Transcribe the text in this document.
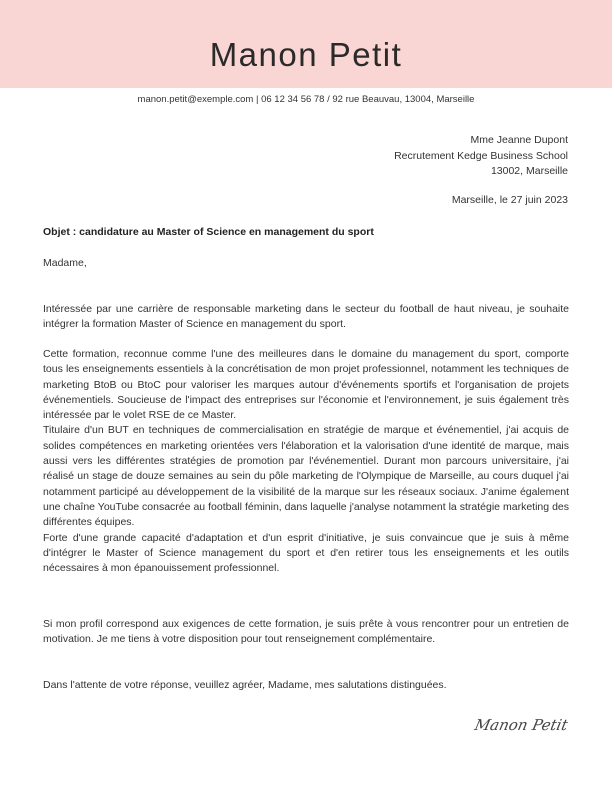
Manon Petit
manon.petit@exemple.com | 06 12 34 56 78 / 92 rue Beauvau, 13004, Marseille
Mme Jeanne Dupont
Recrutement Kedge Business School
13002, Marseille
Marseille, le 27 juin 2023
Objet : candidature au Master of Science en management du sport
Madame,

Intéressée par une carrière de responsable marketing dans le secteur du football de haut niveau, je souhaite intégrer la formation Master of Science en management du sport.

Cette formation, reconnue comme l'une des meilleures dans le domaine du management du sport, comporte tous les enseignements essentiels à la concrétisation de mon projet professionnel, notamment les techniques de marketing BtoB ou BtoC pour valoriser les marques autour d'événements sportifs et l'organisation de projets événementiels. Soucieuse de l'impact des entreprises sur l'économie et l'environnement, je suis également très intéressée par le volet RSE de ce Master.
Titulaire d'un BUT en techniques de commercialisation en stratégie de marque et événementiel, j'ai acquis de solides compétences en marketing orientées vers l'élaboration et la valorisation d'une identité de marque, mais aussi vers les différentes stratégies de promotion par l'événementiel. Durant mon parcours universitaire, j'ai réalisé un stage de douze semaines au sein du pôle marketing de l'Olympique de Marseille, au cours duquel j'ai notamment participé au développement de la visibilité de la marque sur les réseaux sociaux. J'anime également une chaîne YouTube consacrée au football féminin, dans laquelle j'analyse notamment la stratégie marketing des différentes équipes.
Forte d'une grande capacité d'adaptation et d'un esprit d'initiative, je suis convaincue que je suis à même d'intégrer le Master of Science management du sport et d'en retirer tous les enseignements et les outils nécessaires à mon épanouissement professionnel.

Si mon profil correspond aux exigences de cette formation, je suis prête à vous rencontrer pour un entretien de motivation. Je me tiens à votre disposition pour tout renseignement complémentaire.

Dans l'attente de votre réponse, veuillez agréer, Madame, mes salutations distinguées.
Manon Petit
